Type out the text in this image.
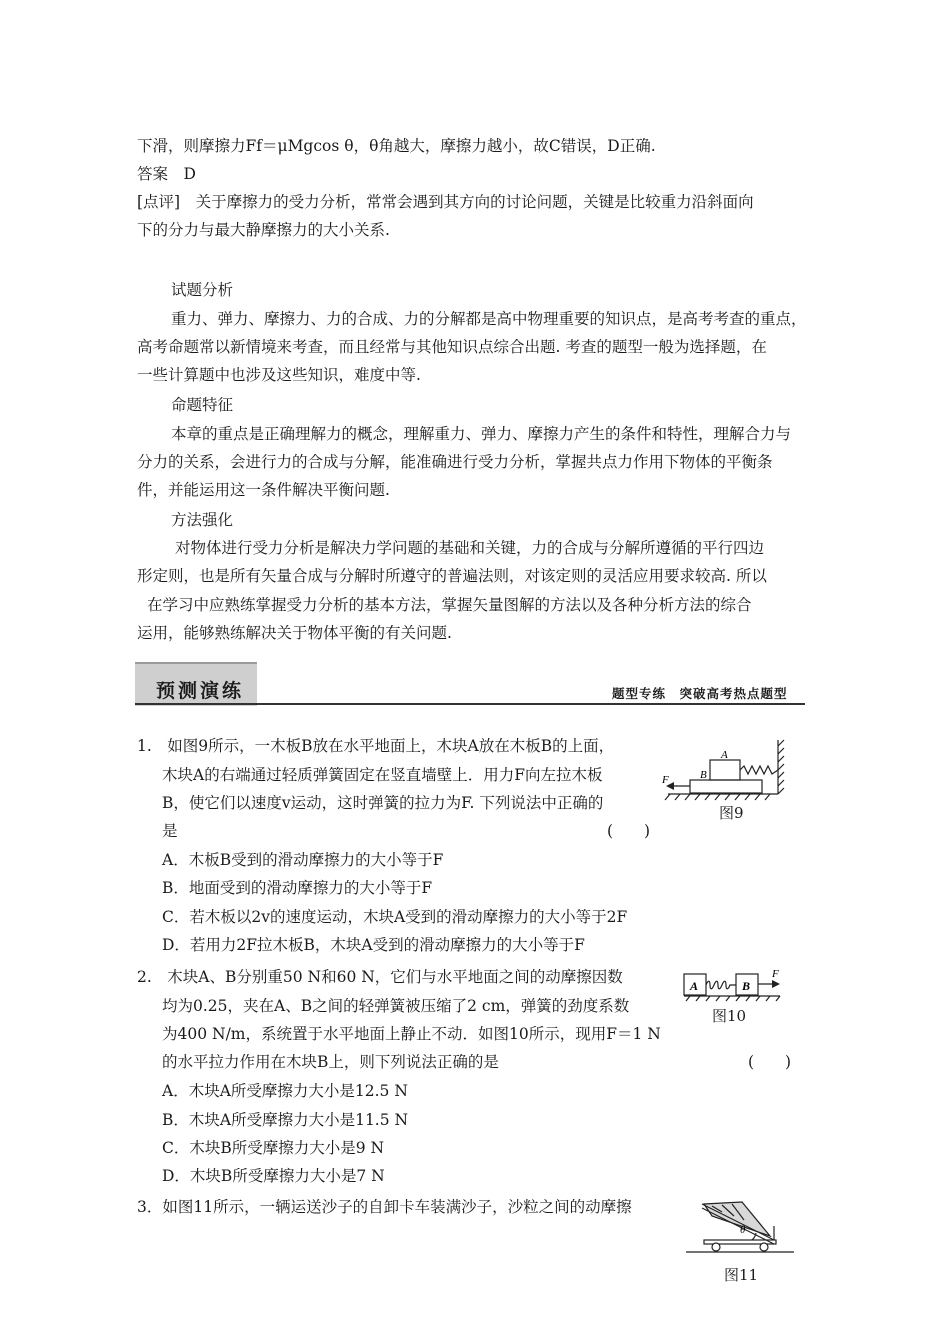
下滑，则摩擦力Ff＝μMgcos θ，θ角越大，摩擦力越小，故C错误，D正确.
答案　D
[点评]　关于摩擦力的受力分析，常常会遇到其方向的讨论问题，关键是比较重力沿斜面向
下的分力与最大静摩擦力的大小关系.
试题分析
重力、弹力、摩擦力、力的合成、力的分解都是高中物理重要的知识点，是高考考查的重点，
高考命题常以新情境来考查，而且经常与其他知识点综合出题. 考查的题型一般为选择题，在
一些计算题中也涉及这些知识，难度中等.
命题特征
本章的重点是正确理解力的概念，理解重力、弹力、摩擦力产生的条件和特性，理解合力与
分力的关系，会进行力的合成与分解，能准确进行受力分析，掌握共点力作用下物体的平衡条
件，并能运用这一条件解决平衡问题.
方法强化
对物体进行受力分析是解决力学问题的基础和关键，力的合成与分解所遵循的平行四边
形定则，也是所有矢量合成与分解时所遵守的普遍法则，对该定则的灵活应用要求较高. 所以
在学习中应熟练掌握受力分析的基本方法，掌握矢量图解的方法以及各种分析方法的综合
运用，能够熟练解决关于物体平衡的有关问题.
预测演练	题型专练　突破高考热点题型
1.　如图9所示，一木板B放在水平地面上，木块A放在木板B的上面，
木块A的右端通过轻质弹簧固定在竖直墙壁上．用力F向左拉木板
B，使它们以速度v运动，这时弹簧的拉力为F. 下列说法中正确的
是	(　　)
A．木板B受到的滑动摩擦力的大小等于F
B．地面受到的滑动摩擦力的大小等于F
C．若木板以2v的速度运动，木块A受到的滑动摩擦力的大小等于2F
D．若用力2F拉木板B，木块A受到的滑动摩擦力的大小等于F
A
B
F
图9
2.　木块A、B分别重50 N和60 N，它们与水平地面之间的动摩擦因数
均为0.25，夹在A、B之间的轻弹簧被压缩了2 cm，弹簧的劲度系数
为400 N/m，系统置于水平地面上静止不动．如图10所示，现用F＝1 N
的水平拉力作用在木块B上，则下列说法正确的是	(　　)
A．木块A所受摩擦力大小是12.5 N
B．木块A所受摩擦力大小是11.5 N
C．木块B所受摩擦力大小是9 N
D．木块B所受摩擦力大小是7 N
A	B
F
图10
3．如图11所示，一辆运送沙子的自卸卡车装满沙子，沙粒之间的动摩擦
θ
图11
